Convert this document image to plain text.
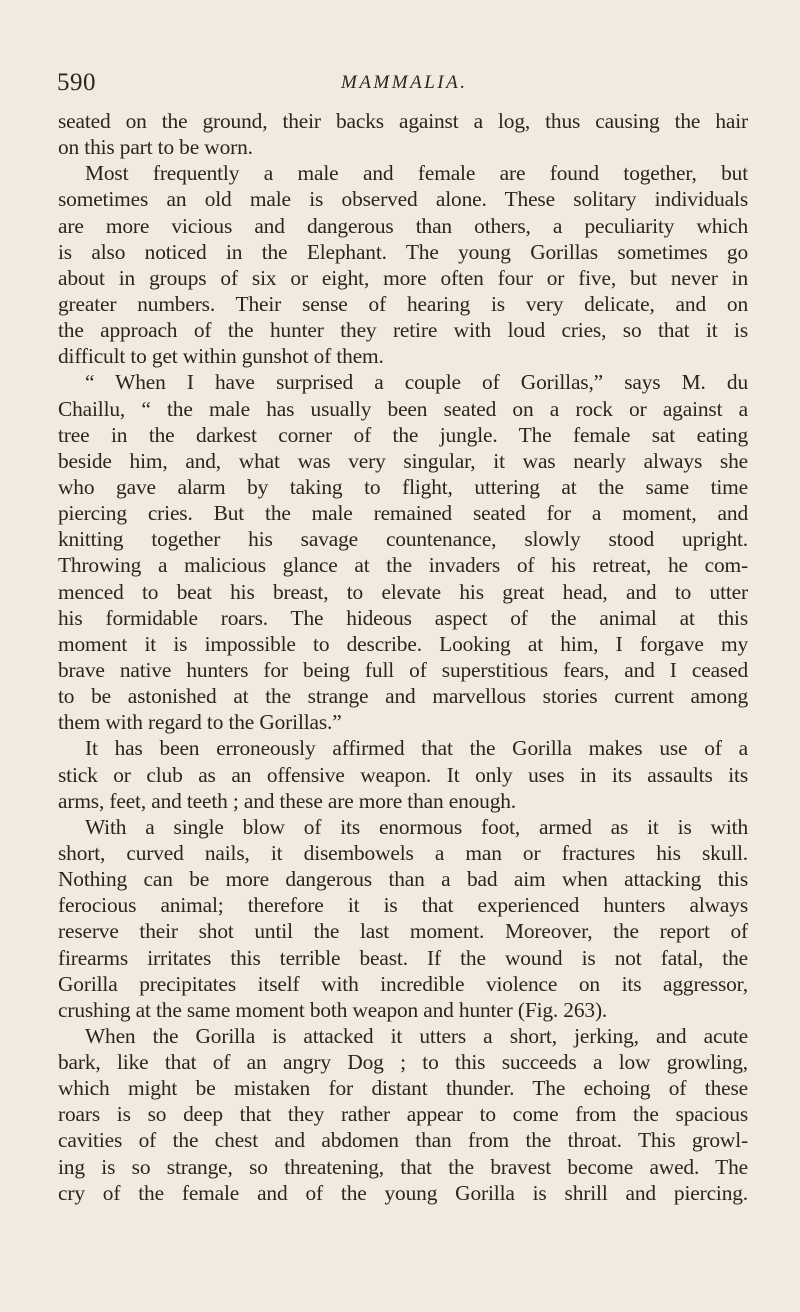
590	MAMMALIA.
seated on the ground, their backs against a log, thus causing the hair
on this part to be worn.
Most frequently a male and female are found together, but
sometimes an old male is observed alone. These solitary individuals
are more vicious and dangerous than others, a peculiarity which
is also noticed in the Elephant. The young Gorillas sometimes go
about in groups of six or eight, more often four or five, but never in
greater numbers. Their sense of hearing is very delicate, and on
the approach of the hunter they retire with loud cries, so that it is
difficult to get within gunshot of them.
“ When I have surprised a couple of Gorillas,” says M. du
Chaillu, “ the male has usually been seated on a rock or against a
tree in the darkest corner of the jungle. The female sat eating
beside him, and, what was very singular, it was nearly always she
who gave alarm by taking to flight, uttering at the same time
piercing cries. But the male remained seated for a moment, and
knitting together his savage countenance, slowly stood upright.
Throwing a malicious glance at the invaders of his retreat, he com-
menced to beat his breast, to elevate his great head, and to utter
his formidable roars. The hideous aspect of the animal at this
moment it is impossible to describe. Looking at him, I forgave my
brave native hunters for being full of superstitious fears, and I ceased
to be astonished at the strange and marvellous stories current among
them with regard to the Gorillas.”
It has been erroneously affirmed that the Gorilla makes use of a
stick or club as an offensive weapon. It only uses in its assaults its
arms, feet, and teeth ; and these are more than enough.
With a single blow of its enormous foot, armed as it is with
short, curved nails, it disembowels a man or fractures his skull.
Nothing can be more dangerous than a bad aim when attacking this
ferocious animal; therefore it is that experienced hunters always
reserve their shot until the last moment. Moreover, the report of
firearms irritates this terrible beast. If the wound is not fatal, the
Gorilla precipitates itself with incredible violence on its aggressor,
crushing at the same moment both weapon and hunter (Fig. 263).
When the Gorilla is attacked it utters a short, jerking, and acute
bark, like that of an angry Dog ; to this succeeds a low growling,
which might be mistaken for distant thunder. The echoing of these
roars is so deep that they rather appear to come from the spacious
cavities of the chest and abdomen than from the throat. This growl-
ing is so strange, so threatening, that the bravest become awed. The
cry of the female and of the young Gorilla is shrill and piercing.
